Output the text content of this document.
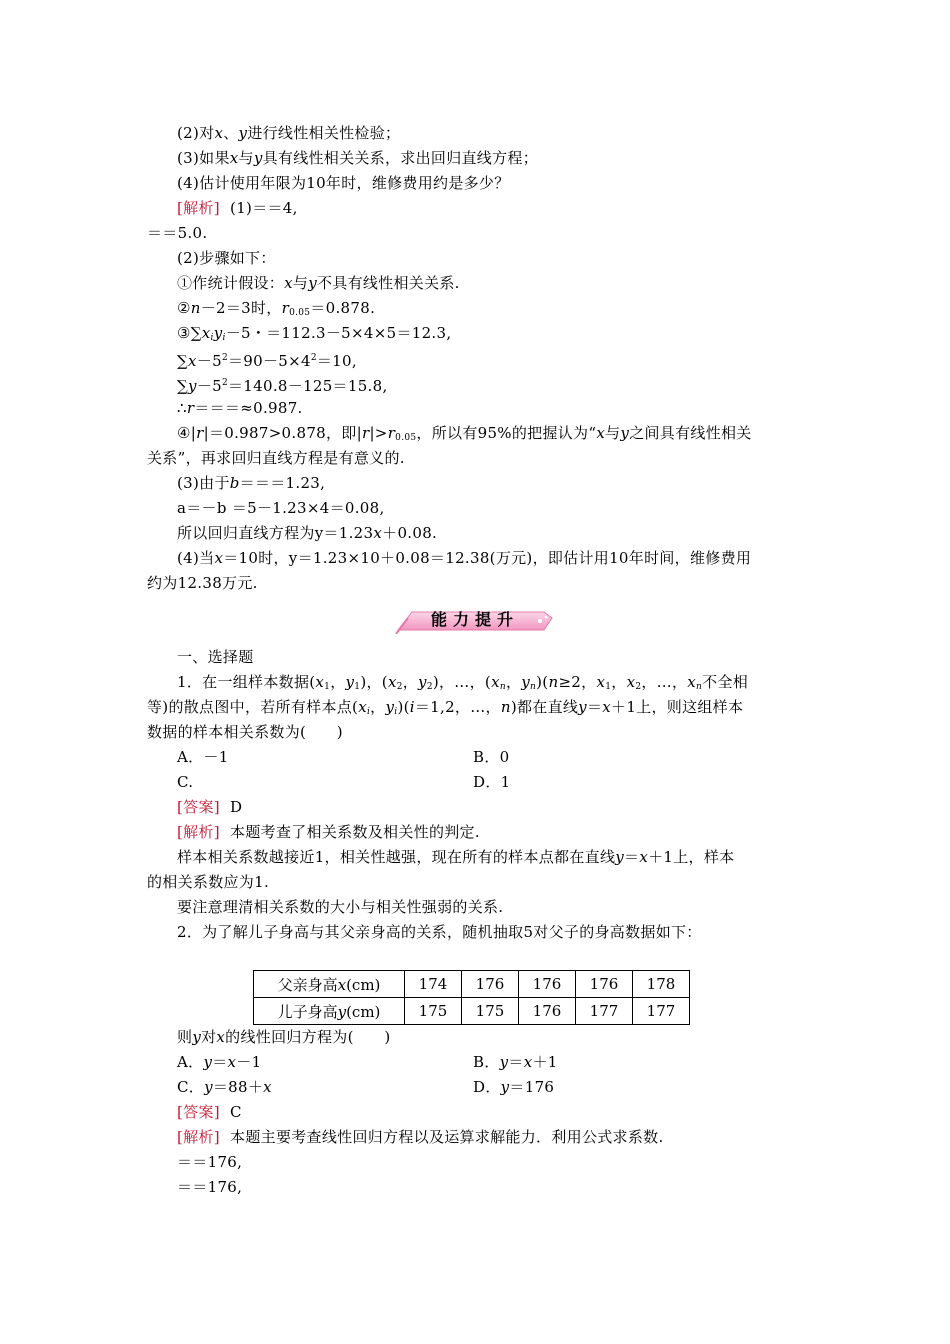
(2)对x、y进行线性相关性检验；
(3)如果x与y具有线性相关关系，求出回归直线方程；
(4)估计使用年限为10年时，维修费用约是多少？
[解析] (1)＝＝4,
＝＝5.0.
(2)步骤如下：
①作统计假设：x与y不具有线性相关关系.
②n－2＝3时，$r_{0.05}=0.878$.
$③\sum x_iy_i-5$・＝112.3－5×4×5＝12.3,
$\sum x-5^2=90-5\times 4^2=10$,
$\sum y-5^2=140.8-125=15.8$,
∴r＝＝＝≈0.987.
④|r|＝0.987>0.878，即$|r|>r_{0.05}$，所以有95%的把握认为“x与y之间具有线性相关
关系”，再求回归直线方程是有意义的.
(3)由于b＝＝＝1.23,
a＝－b ＝5－1.23×4＝0.08,
所以回归直线方程为y＝1.23x＋0.08.
(4)当x＝10时，y＝1.23×10＋0.08＝12.38(万元)，即估计用10年时间，维修费用
约为12.38万元.
能力提升
一、选择题
1．在一组样本数据($x_1$，$y_1$)，($x_2$，$y_2$)，…，($x_n$，$y_n)(n\ge 2$，$x_1$，$x_2$，…，$x_n$不全相
等)的散点图中，若所有样本点($x_i$，$y_i)(i=1,2$，…，n)都在直线y＝x＋1上，则这组样本
数据的样本相关系数为(　　)
A．－1	B．0
C.	D．1
[答案] D
[解析] 本题考查了相关系数及相关性的判定.
样本相关系数越接近1，相关性越强，现在所有的样本点都在直线y＝x＋1上，样本
的相关系数应为1.
要注意理清相关系数的大小与相关性强弱的关系.
2．为了解儿子身高与其父亲身高的关系，随机抽取5对父子的身高数据如下：
父亲身高x(cm)	174	176	176	176	178
儿子身高y(cm)	175	175	176	177	177
则y对x的线性回归方程为(　　)
A．y＝x－1	B．y＝x＋1
C．y＝88＋x	D．y＝176
[答案] C
[解析] 本题主要考查线性回归方程以及运算求解能力．利用公式求系数.
＝＝176,
＝＝176,
